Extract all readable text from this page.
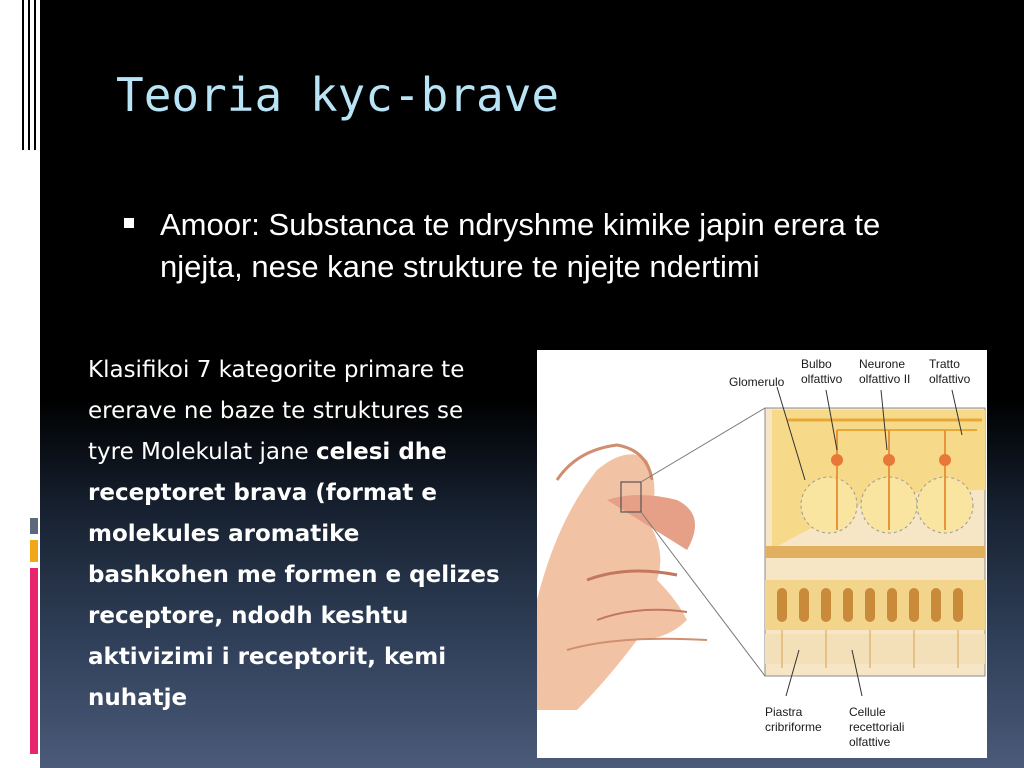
Teoria kyc-brave

Amoor: Substanca te ndryshme kimike japin erera te njejta, nese kane strukture te njejte ndertimi

Klasifikoi 7 kategorite primare te ererave ne baze te struktures se tyre Molekulat jane celesi dhe receptoret brava (format e molekules aromatike bashkohen me formen e qelizes receptore, ndodh keshtu aktivizimi i receptorit, kemi nuhatje

Glomerulo

Bulbo
olfattivo

Neurone
olfattivo II

Tratto
olfattivo

Piastra
cribriforme

Cellule
recettoriali
olfattive
